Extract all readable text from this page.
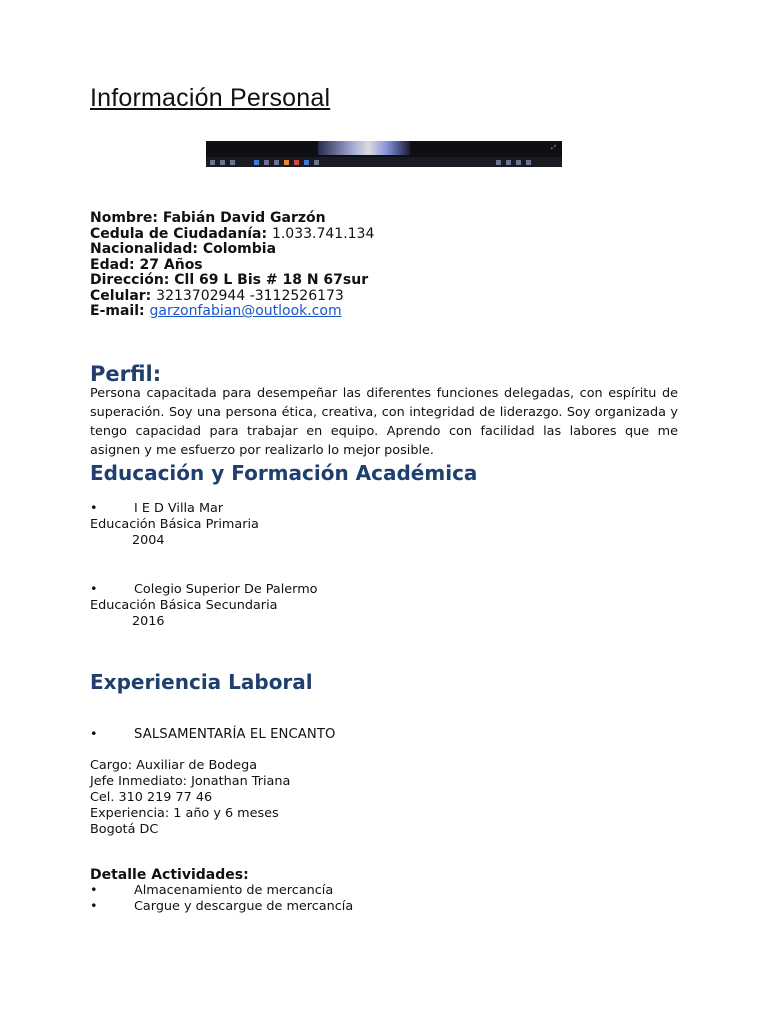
Información Personal
⤢
Nombre: Fabián David Garzón
Cedula de Ciudadanía: 1.033.741.134
Nacionalidad: Colombia
Edad: 27 Años
Dirección: Cll 69 L Bis # 18 N 67sur
Celular: 3213702944 -3112526173
E-mail: garzonfabian@outlook.com
Perfil:
Persona capacitada para desempeñar las diferentes funciones delegadas, con espíritu de superación. Soy una persona ética, creativa, con integridad de liderazgo. Soy organizada y tengo capacidad para trabajar en equipo. Aprendo con facilidad las labores que me asignen y me esfuerzo por realizarlo lo mejor posible.
Educación y Formación Académica
•	I E D Villa Mar
Educación Básica Primaria
2004
•	Colegio Superior De Palermo
Educación Básica Secundaria
2016
Experiencia Laboral
•	SALSAMENTARÍA EL ENCANTO
Cargo: Auxiliar de Bodega
Jefe Inmediato: Jonathan Triana
Cel. 310 219 77 46
Experiencia: 1 año y 6 meses
Bogotá DC
Detalle Actividades:
•	Almacenamiento de mercancía
•	Cargue y descargue de mercancía
